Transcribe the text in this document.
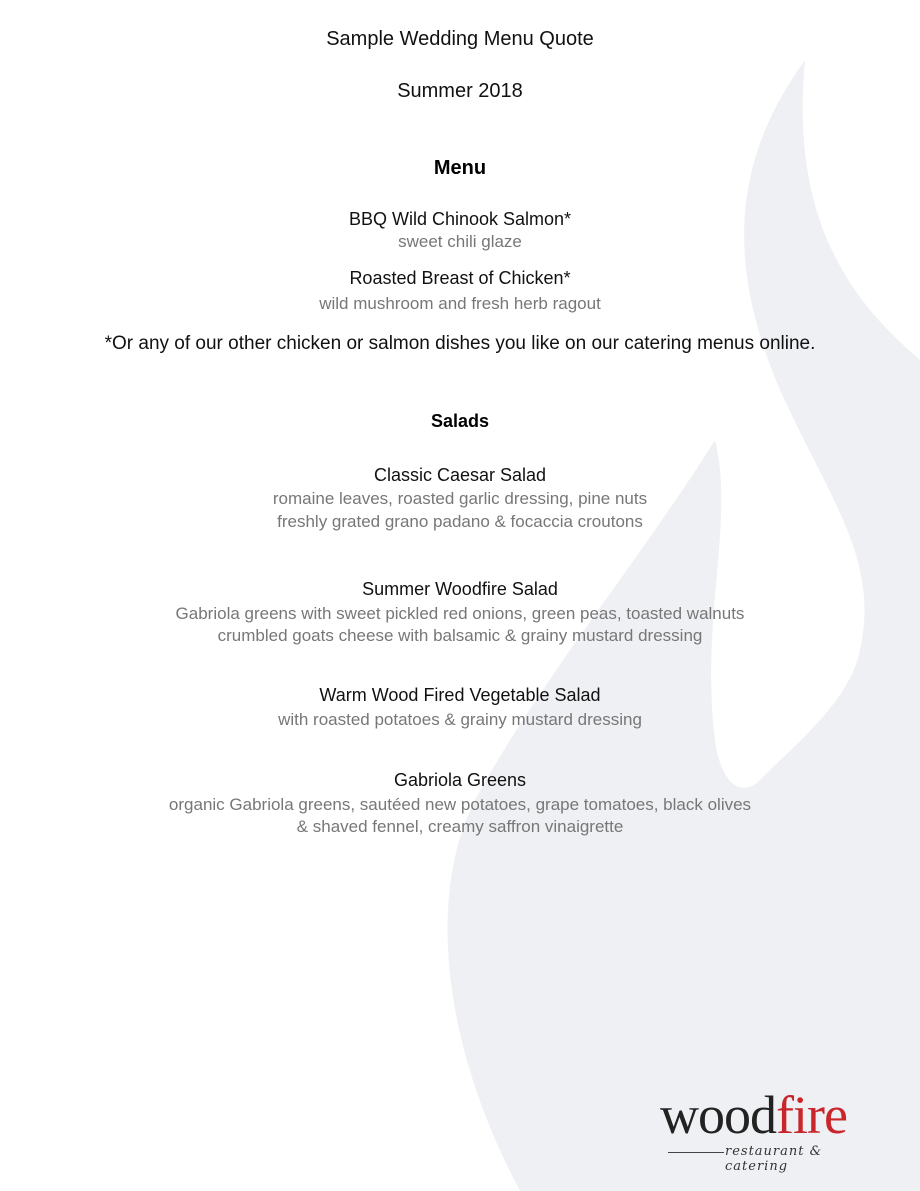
Sample Wedding Menu Quote

Summer 2018

Menu

BBQ Wild Chinook Salmon*

sweet chili glaze

Roasted Breast of Chicken*

wild mushroom and fresh herb ragout

*Or any of our other chicken or salmon dishes you like on our catering menus online.

Salads

Classic Caesar Salad

romaine leaves, roasted garlic dressing, pine nuts

freshly grated grano padano & focaccia croutons

Summer Woodfire Salad

Gabriola greens with sweet pickled red onions, green peas, toasted walnuts

crumbled goats cheese with balsamic & grainy mustard dressing

Warm Wood Fired Vegetable Salad

with roasted potatoes & grainy mustard dressing

Gabriola Greens

organic Gabriola greens, sautéed new potatoes, grape tomatoes, black olives

& shaved fennel, creamy saffron vinaigrette

woodfire
restaurant & catering
